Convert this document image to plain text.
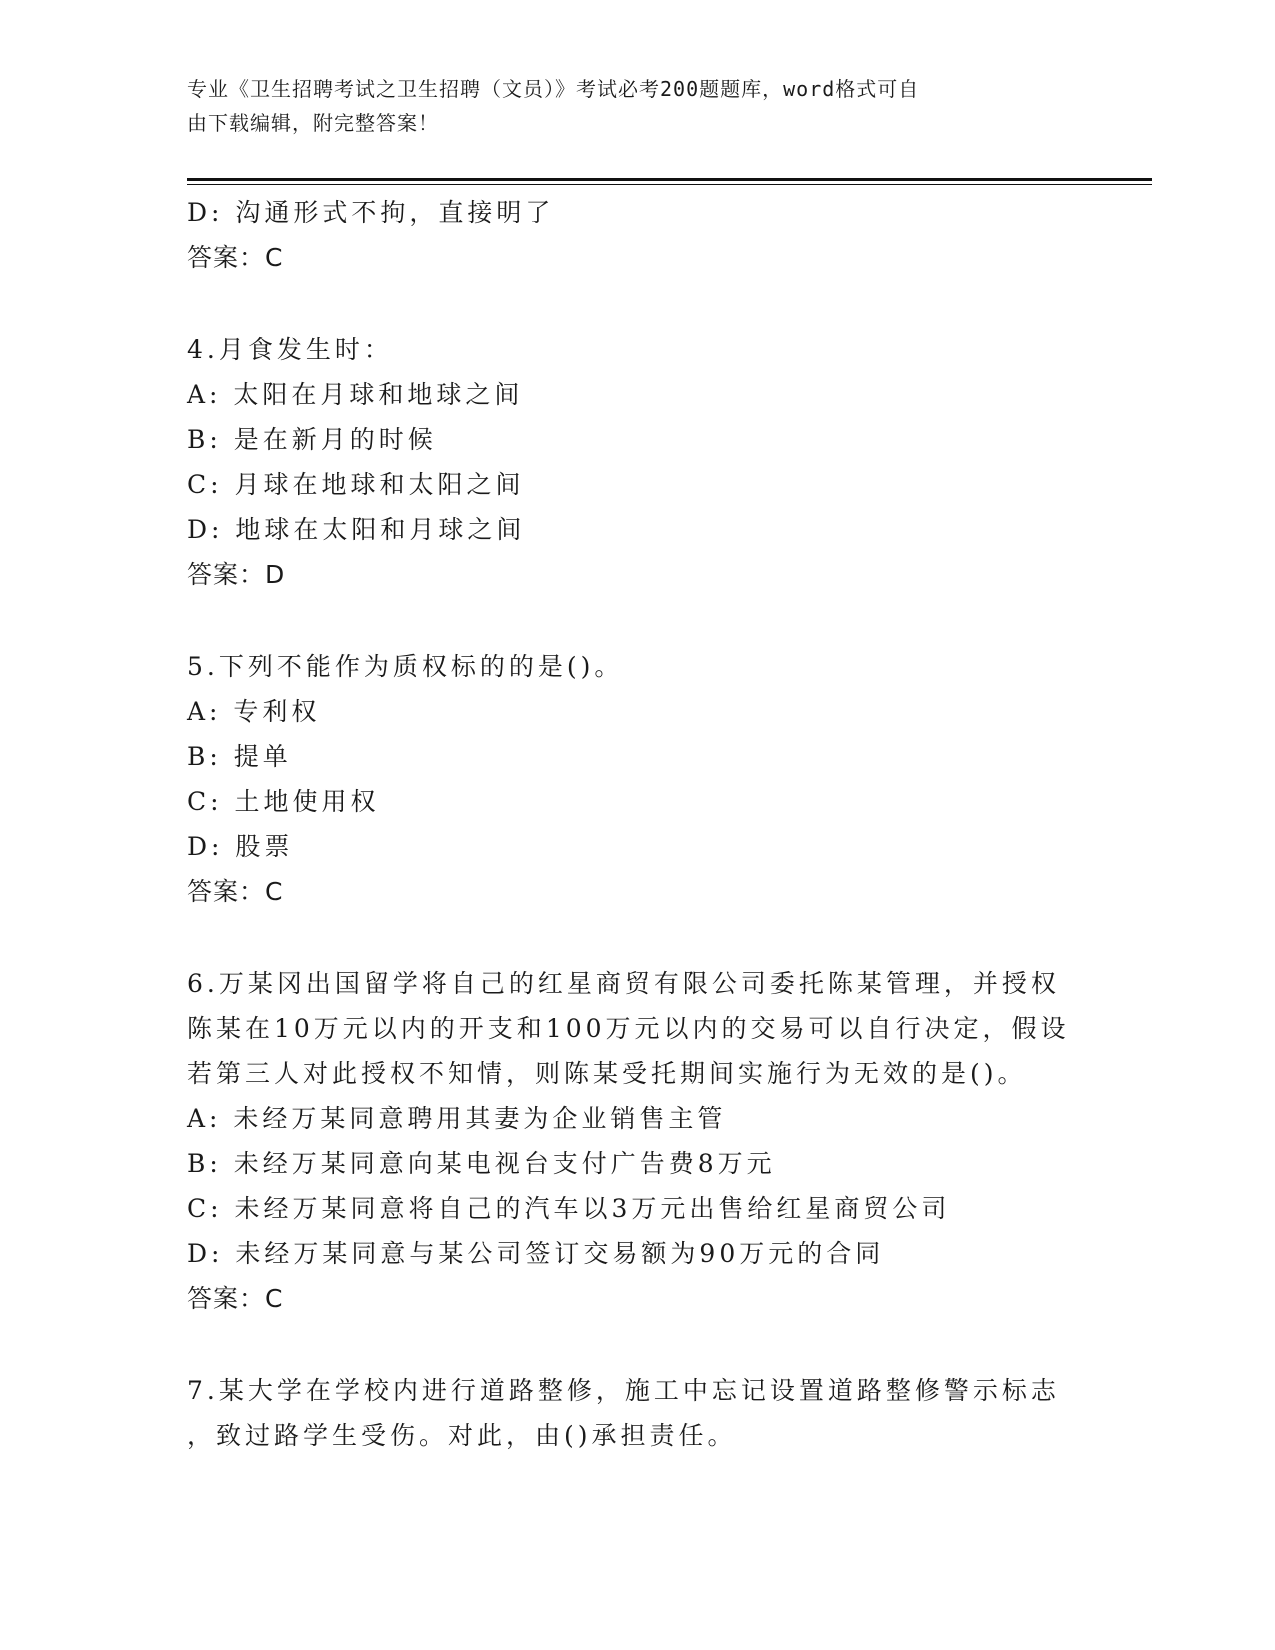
专业《卫生招聘考试之卫生招聘（文员）》考试必考200题题库，word格式可自
由下载编辑，附完整答案！
D: 沟通形式不拘，直接明了
答案：C
4.月食发生时：
A: 太阳在月球和地球之间
B: 是在新月的时候
C: 月球在地球和太阳之间
D: 地球在太阳和月球之间
答案：D
5.下列不能作为质权标的的是()。
A: 专利权
B: 提单
C: 土地使用权
D: 股票
答案：C
6.万某冈出国留学将自己的红星商贸有限公司委托陈某管理，并授权
陈某在10万元以内的开支和100万元以内的交易可以自行决定，假设
若第三人对此授权不知情，则陈某受托期间实施行为无效的是()。
A: 未经万某同意聘用其妻为企业销售主管
B: 未经万某同意向某电视台支付广告费8万元
C: 未经万某同意将自己的汽车以3万元出售给红星商贸公司
D: 未经万某同意与某公司签订交易额为90万元的合同
答案：C
7.某大学在学校内进行道路整修，施工中忘记设置道路整修警示标志
，致过路学生受伤。对此，由()承担责任。
